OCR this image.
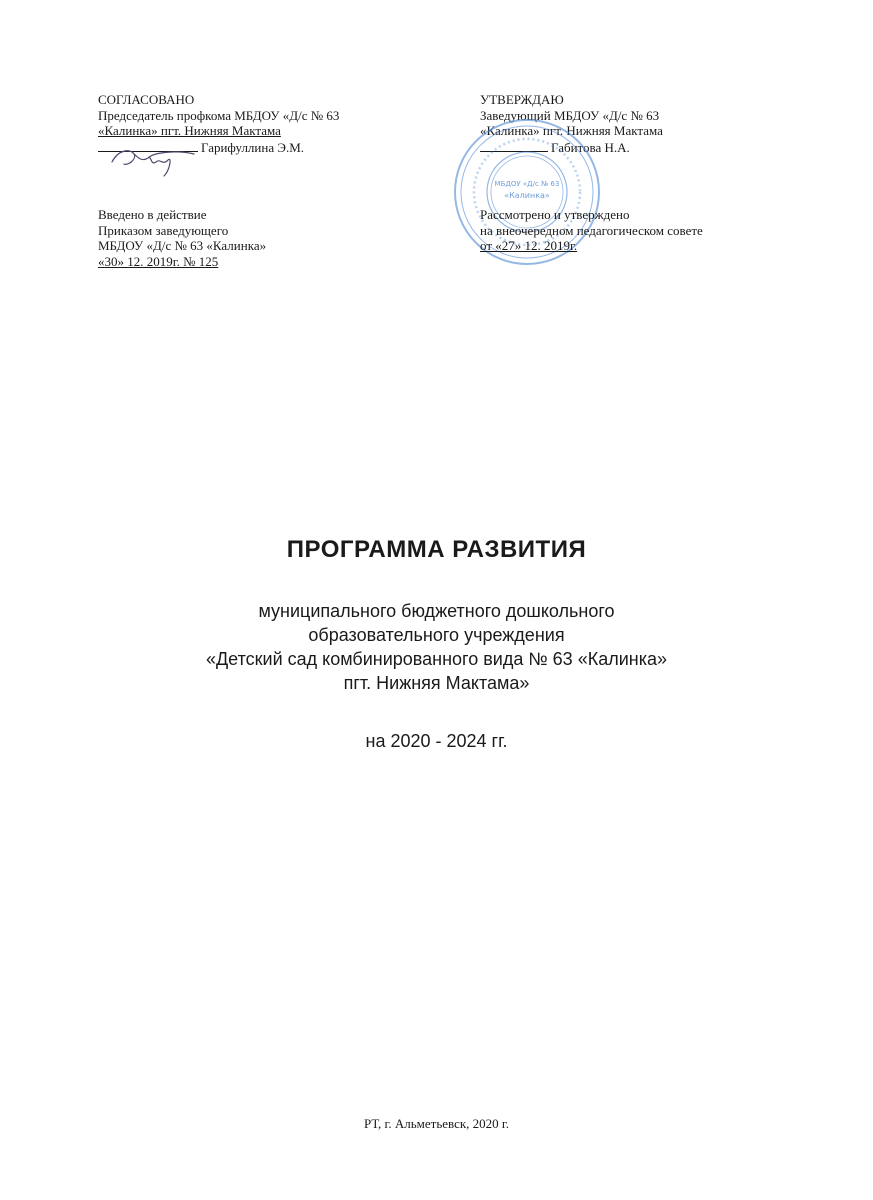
СОГЛАСОВАНО
Председатель профкома МБДОУ «Д/с № 63
«Калинка» пгт. Нижняя Мактама
Гарифуллина Э.М.
УТВЕРЖДАЮ
Заведующий МБДОУ «Д/с № 63
«Калинка» пгт. Нижняя Мактама
Габитова Н.А.
МБДОУ «Д/с № 63
«Калинка»
Введено в действие
Приказом заведующего
МБДОУ «Д/с № 63 «Калинка»
«30» 12. 2019г. № 125
Рассмотрено и утверждено
на внеочередном педагогическом совете
от «27» 12. 2019г.
ПРОГРАММА РАЗВИТИЯ
муниципального бюджетного дошкольного
образовательного учреждения
«Детский сад комбинированного вида № 63 «Калинка»
пгт. Нижняя Мактама»
на 2020 - 2024 гг.
РТ, г. Альметьевск, 2020 г.
